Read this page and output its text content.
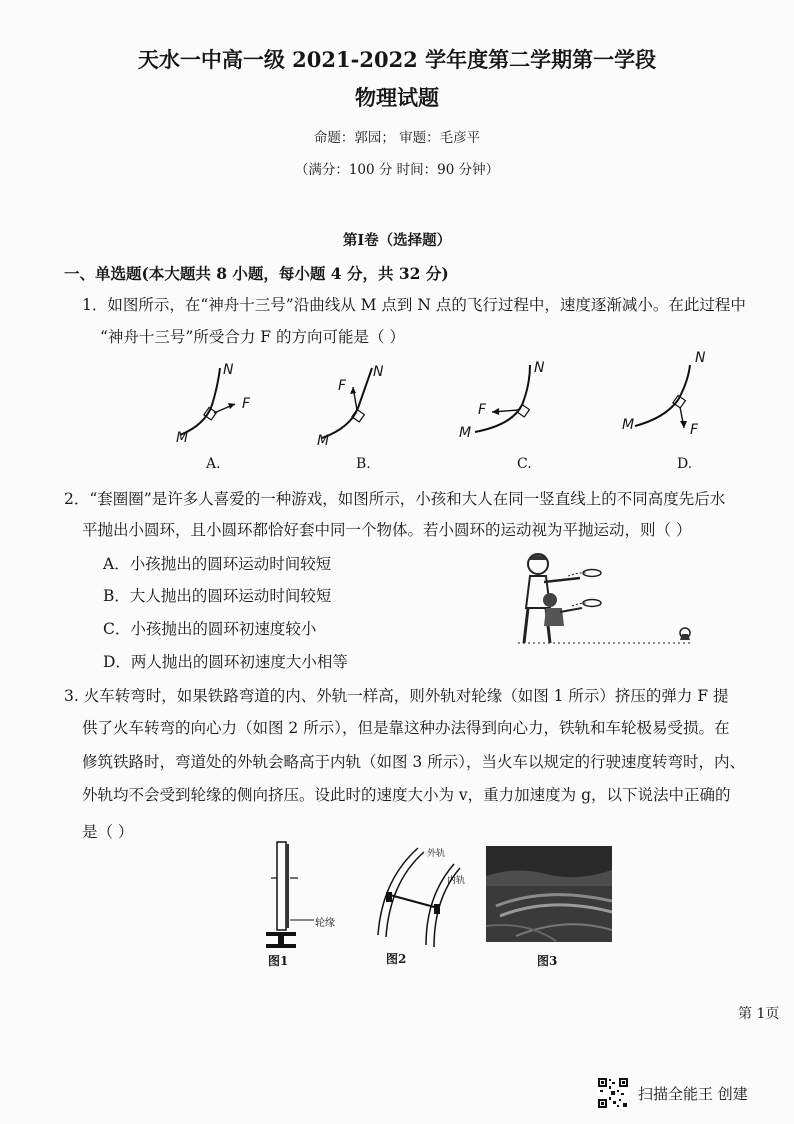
天水一中高一级 2021-2022 学年度第二学期第一学段
物理试题
命题：郭园； 审题：毛彦平
（满分：100 分 时间：90 分钟）
第I卷（选择题）
一、单选题(本大题共 8 小题，每小题 4 分，共 32 分)
1．如图所示，在“神舟十三号”沿曲线从 M 点到 N 点的飞行过程中，速度逐渐减小。在此过程中
“神舟十三号”所受合力 F 的方向可能是（ ）
M
N
F
M
N
F
M
N
F
M
N
F
A.	B.	C.	D.
2．“套圈圈”是许多人喜爱的一种游戏，如图所示，小孩和大人在同一竖直线上的不同高度先后水
平抛出小圆环，且小圆环都恰好套中同一个物体。若小圆环的运动视为平抛运动，则（ ）
A．小孩抛出的圆环运动时间较短
B．大人抛出的圆环运动时间较短
C．小孩抛出的圆环初速度较小
D．两人抛出的圆环初速度大小相等
3. 火车转弯时，如果铁路弯道的内、外轨一样高，则外轨对轮缘（如图 1 所示）挤压的弹力 F 提
供了火车转弯的向心力（如图 2 所示），但是靠这种办法得到向心力，铁轨和车轮极易受损。在
修筑铁路时，弯道处的外轨会略高于内轨（如图 3 所示），当火车以规定的行驶速度转弯时，内、
外轨均不会受到轮缘的侧向挤压。设此时的速度大小为 v，重力加速度为 g，以下说法中正确的
是（ ）
轮缘
外轨
内轨
图1	图2	图3
第 1页
扫描全能王 创建
